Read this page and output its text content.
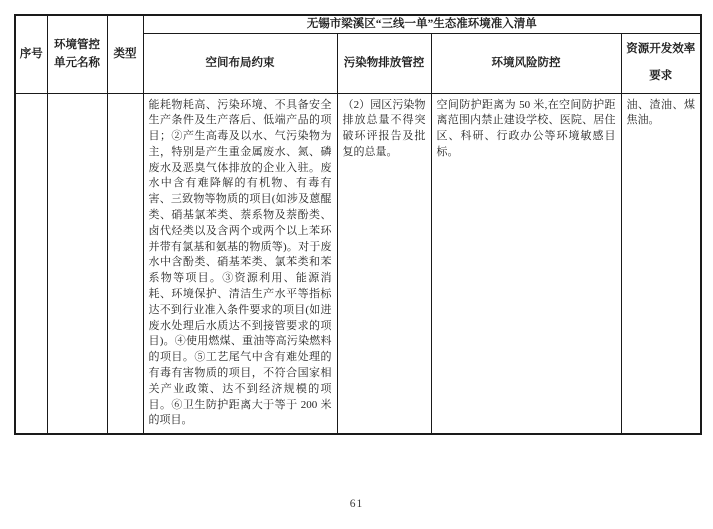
序号	环境管控单元名称	类型	无锡市梁溪区“三线一单”生态准环境准入清单			
			空间布局约束	污染物排放管控	环境风险防控	资源开发效率要求
			能耗物耗高、污染环境、不具备安全生产条件及生产落后、低端产品的项目；②产生高毒及以水、气污染物为主，特别是产生重金属废水、氮、磷废水及恶臭气体排放的企业入驻。废水中含有难降解的有机物、有毒有害、三致物等物质的项目(如涉及蒽醌类、硝基氯苯类、萘系物及萘酚类、卤代烃类以及含两个或两个以上苯环并带有氯基和氨基的物质等)。对于废水中含酚类、硝基苯类、氯苯类和苯系物等项目。③资源利用、能源消耗、环境保护、清洁生产水平等指标达不到行业准入条件要求的项目(如进废水处理后水质达不到接管要求的项目)。④使用燃煤、重油等高污染燃料的项目。⑤工艺尾气中含有难处理的有毒有害物质的项目，不符合国家相关产业政策、达不到经济规模的项目。⑥卫生防护距离大于等于 200 米的项目。	（2）园区污染物排放总量不得突破环评报告及批复的总量。	空间防护距离为 50 米,在空间防护距离范围内禁止建设学校、医院、居住区、科研、行政办公等环境敏感目标。	油、渣油、煤焦油。
61
